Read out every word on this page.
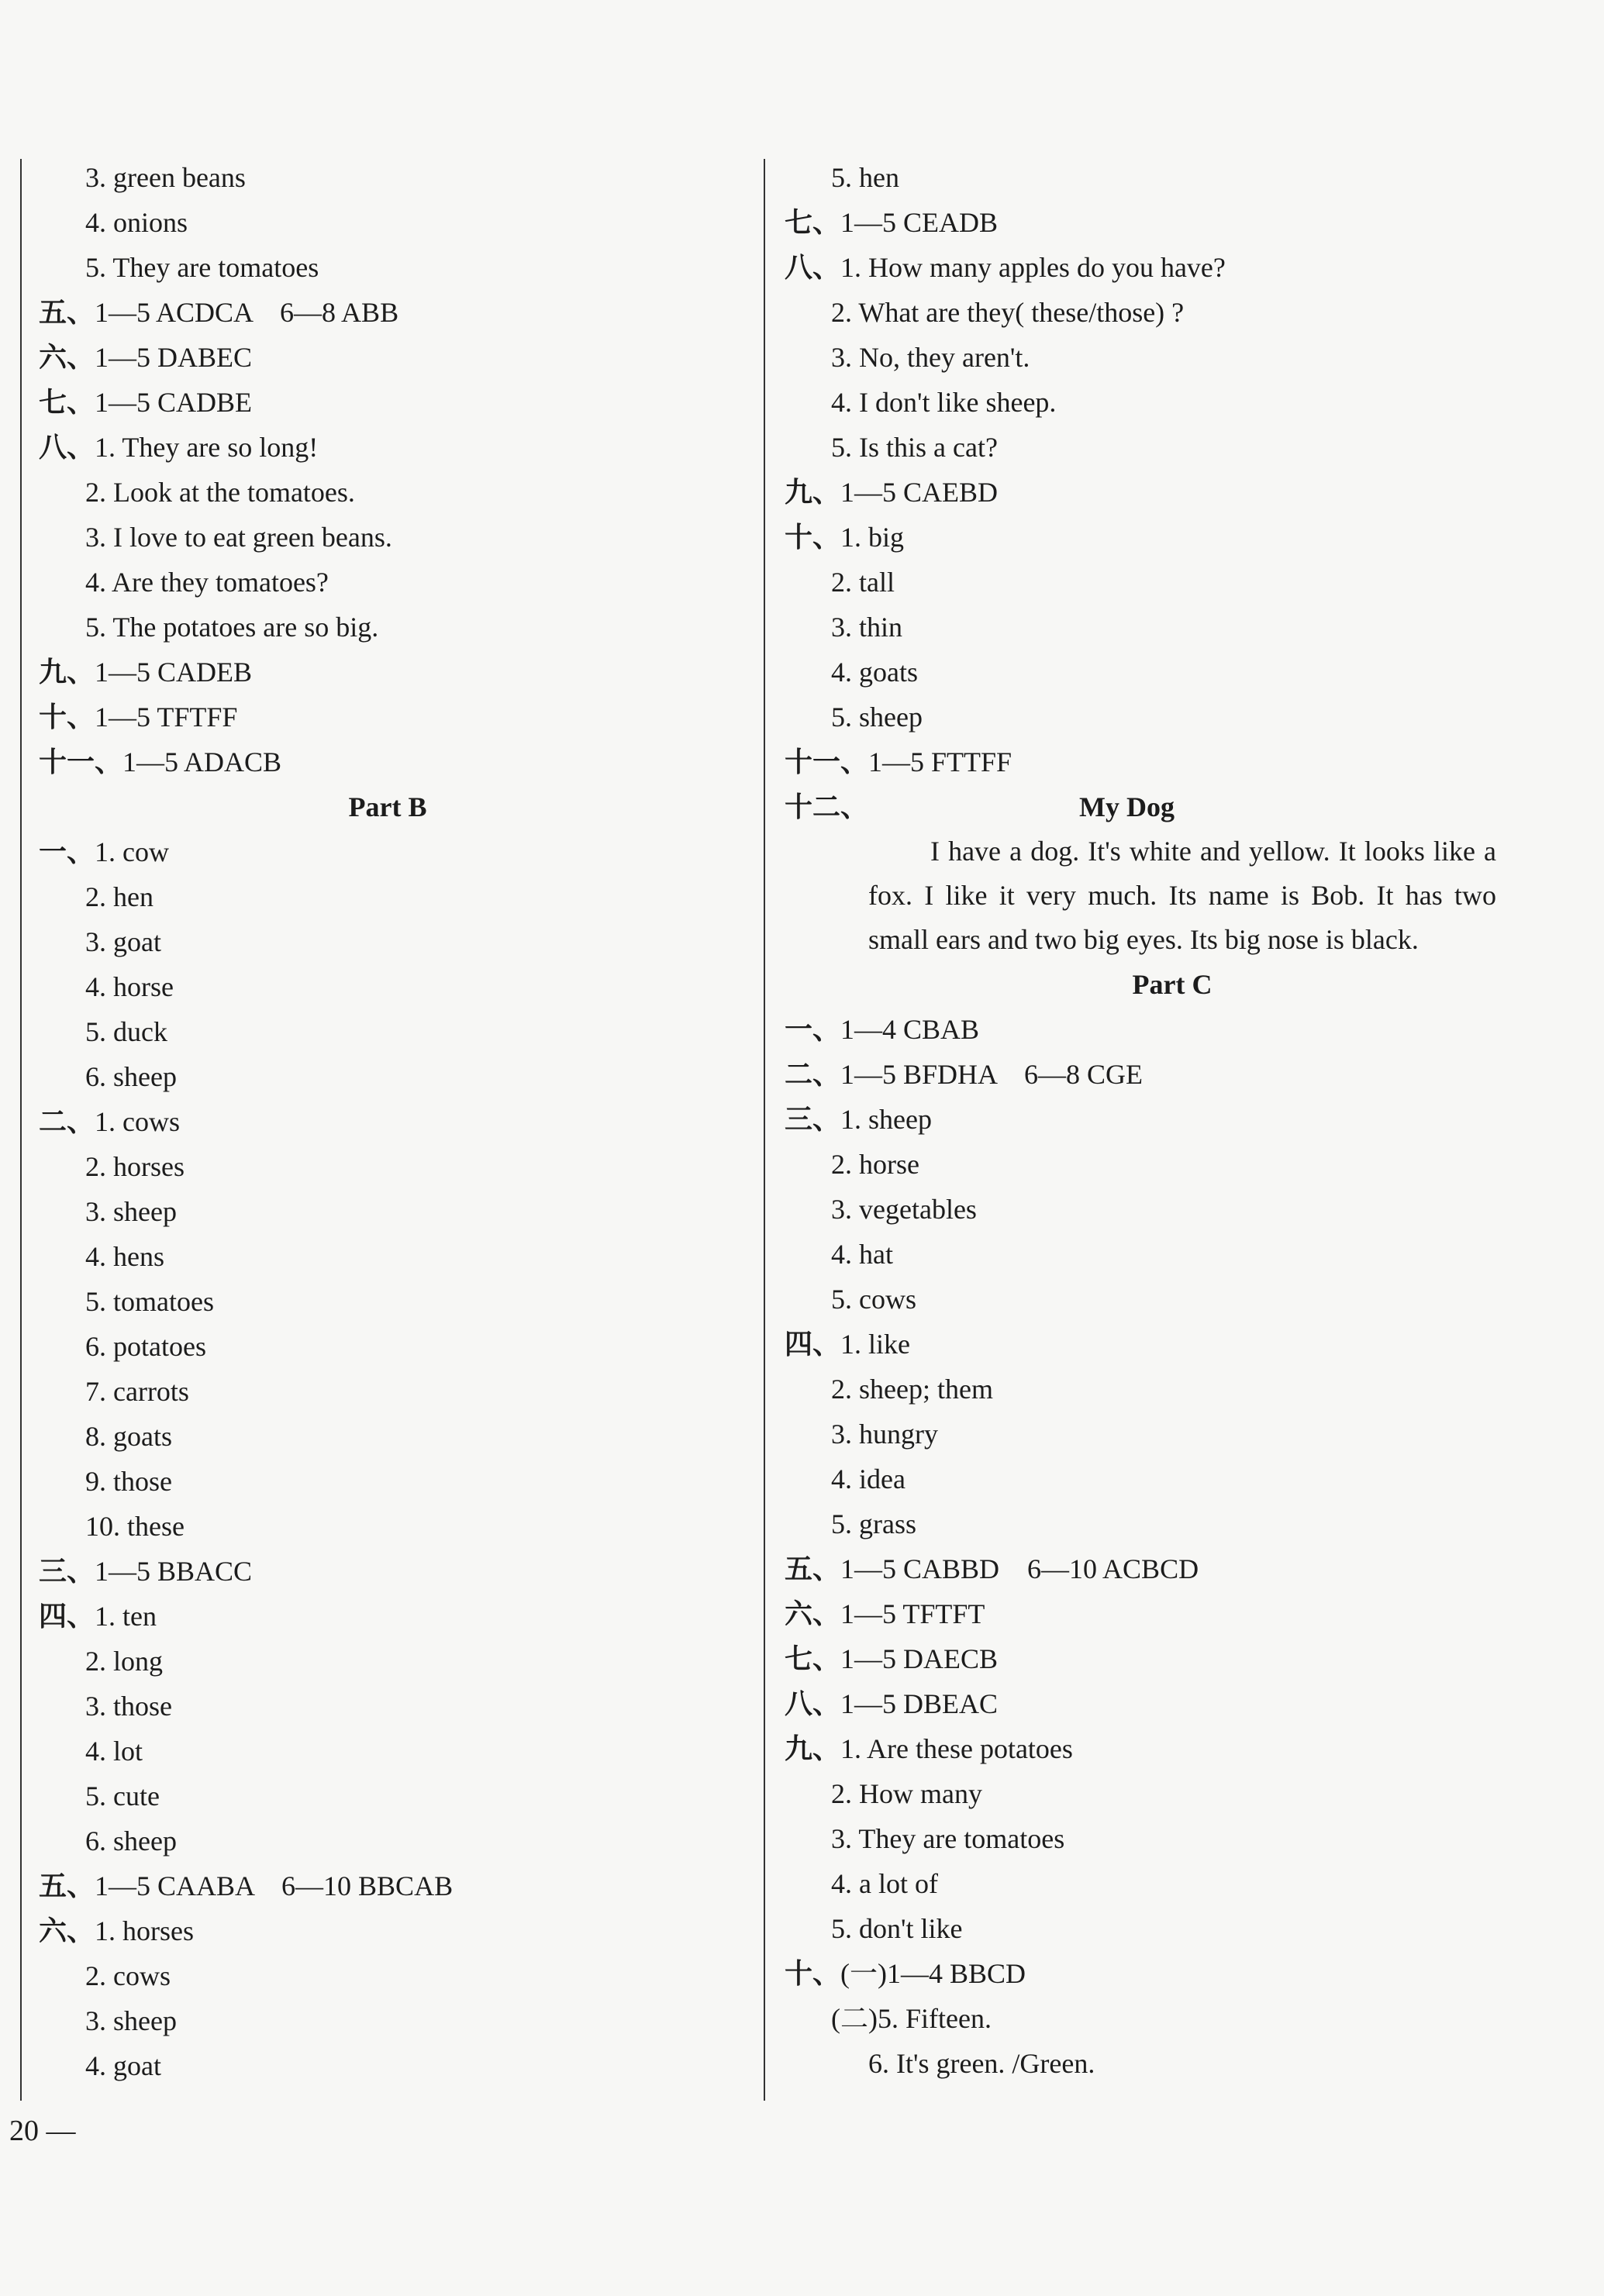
3. green beans
4. onions
5. They are tomatoes
五、 1—5 ACDCA　6—8 ABB
六、 1—5 DABEC
七、 1—5 CADBE
八、 1. They are so long!
2. Look at the tomatoes.
3. I love to eat green beans.
4. Are they tomatoes?
5. The potatoes are so big.
九、 1—5 CADEB
十、 1—5 TFTFF
十一、 1—5 ADACB
Part B
一、 1. cow
2. hen
3. goat
4. horse
5. duck
6. sheep
二、 1. cows
2. horses
3. sheep
4. hens
5. tomatoes
6. potatoes
7. carrots
8. goats
9. those
10. these
三、 1—5 BBACC
四、 1. ten
2. long
3. those
4. lot
5. cute
6. sheep
五、 1—5 CAABA　6—10 BBCAB
六、 1. horses
2. cows
3. sheep
4. goat
5. hen
七、 1—5 CEADB
八、 1. How many apples do you have?
2. What are they( these/those) ?
3. No, they aren't.
4. I don't like sheep.
5. Is this a cat?
九、 1—5 CAEBD
十、 1. big
2. tall
3. thin
4. goats
5. sheep
十一、 1—5 FTTFF
十二、	My Dog
I have a dog. It's white and yellow. It looks like a fox. I like it very much. Its name is Bob. It has two small ears and two big eyes. Its big nose is black.
Part C
一、 1—4 CBAB
二、 1—5 BFDHA　6—8 CGE
三、 1. sheep
2. horse
3. vegetables
4. hat
5. cows
四、 1. like
2. sheep; them
3. hungry
4. idea
5. grass
五、 1—5 CABBD　6—10 ACBCD
六、 1—5 TFTFT
七、 1—5 DAECB
八、 1—5 DBEAC
九、 1. Are these potatoes
2. How many
3. They are tomatoes
4. a lot of
5. don't like
十、 (一)1—4 BBCD
(二)5. Fifteen.
6. It's green. /Green.
20 —
